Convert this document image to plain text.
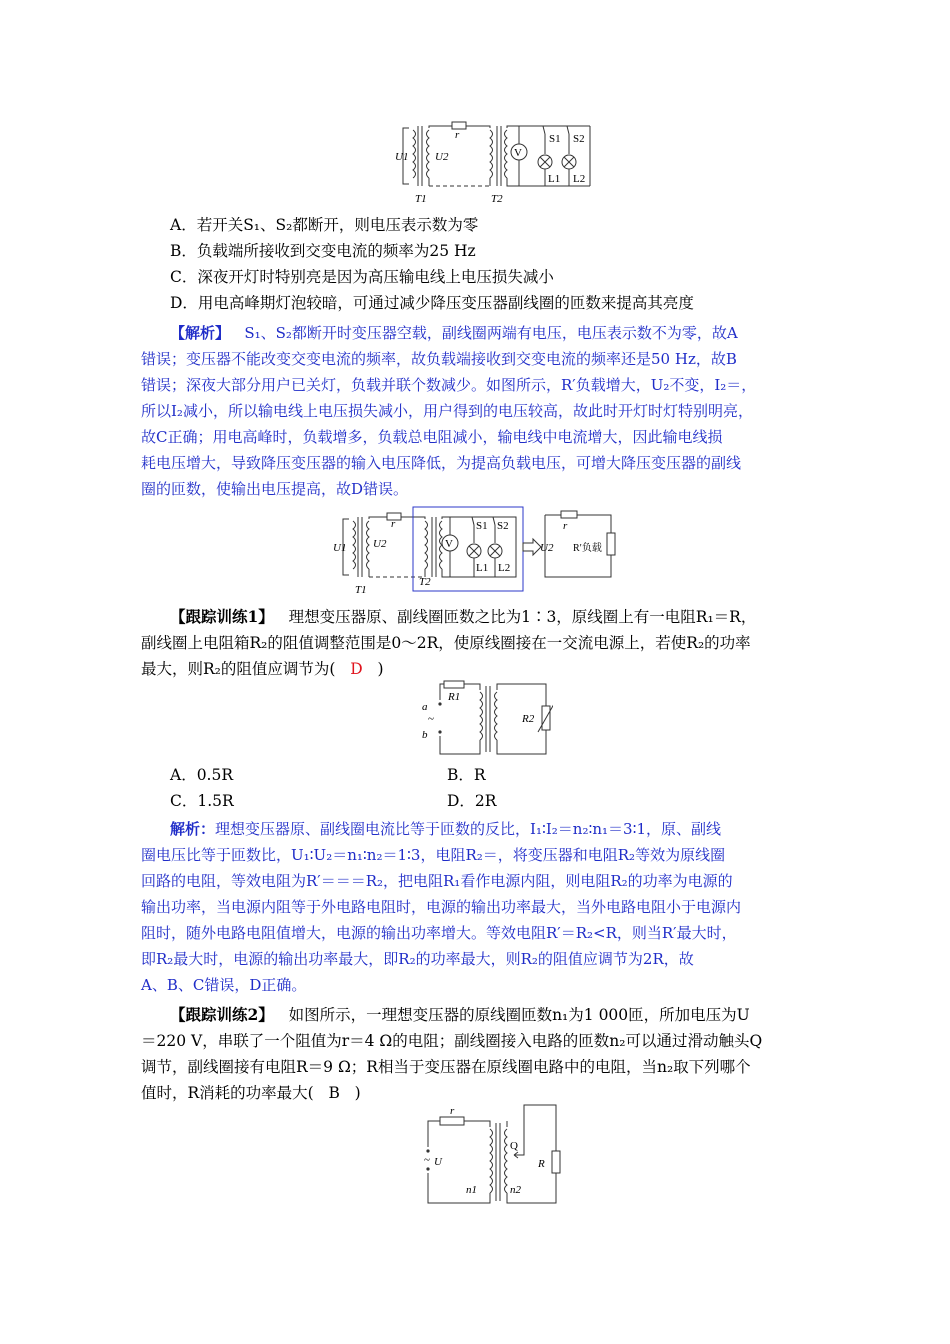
U1 U2
r
T1	T2
V
S1 S2
L1 L2
A．若开关S₁、S₂都断开，则电压表示数为零
B．负载端所接收到交变电流的频率为25 Hz
C．深夜开灯时特别亮是因为高压输电线上电压损失减小
D．用电高峰期灯泡较暗，可通过减少降压变压器副线圈的匝数来提高其亮度
【解析】 S₁、S₂都断开时变压器空载，副线圈两端有电压，电压表示数不为零，故A
错误；变压器不能改变交变电流的频率，故负载端接收到交变电流的频率还是50 Hz，故B
错误；深夜大部分用户已关灯，负载并联个数减少。如图所示，R′负载增大，U₂不变，I₂＝，
所以I₂减小，所以输电线上电压损失减小，用户得到的电压较高，故此时开灯时灯特别明亮，
故C正确；用电高峰时，负载增多，负载总电阻减小，输电线中电流增大，因此输电线损
耗电压增大，导致降压变压器的输入电压降低，为提高负载电压，可增大降压变压器的副线
圈的匝数，使输出电压提高，故D错误。
U1 U2
r
T1
T2
V
S1 S2
L1 L2
U2
r
R′负载
【跟踪训练1】 理想变压器原、副线圈匝数之比为1∶3，原线圈上有一电阻R₁＝R，
副线圈上电阻箱R₂的阻值调整范围是0～2R，使原线圈接在一交流电源上，若使R₂的功率
最大，则R₂的阻值应调节为( D )
R1
a
~
b
R2
A．0.5R	B．R
C．1.5R	D．2R
解析：理想变压器原、副线圈电流比等于匝数的反比，I₁∶I₂＝n₂∶n₁＝3∶1，原、副线
圈电压比等于匝数比，U₁∶U₂＝n₁∶n₂＝1∶3，电阻R₂＝，将变压器和电阻R₂等效为原线圈
回路的电阻，等效电阻为R′＝＝＝R₂，把电阻R₁看作电源内阻，则电阻R₂的功率为电源的
输出功率，当电源内阻等于外电路电阻时，电源的输出功率最大，当外电路电阻小于电源内
阻时，随外电路电阻值增大，电源的输出功率增大。等效电阻R′＝R₂<R，则当R′最大时，
即R₂最大时，电源的输出功率最大，即R₂的功率最大，则R₂的阻值应调节为2R，故
A、B、C错误，D正确。
【跟踪训练2】 如图所示，一理想变压器的原线圈匝数n₁为1 000匝，所加电压为U
＝220 V，串联了一个阻值为r＝4 Ω的电阻；副线圈接入电路的匝数n₂可以通过滑动触头Q
调节，副线圈接有电阻R＝9 Ω；R相当于变压器在原线圈电路中的电阻，当n₂取下列哪个
值时，R消耗的功率最大( B )
r
~ U
Q
R
n1	n2
